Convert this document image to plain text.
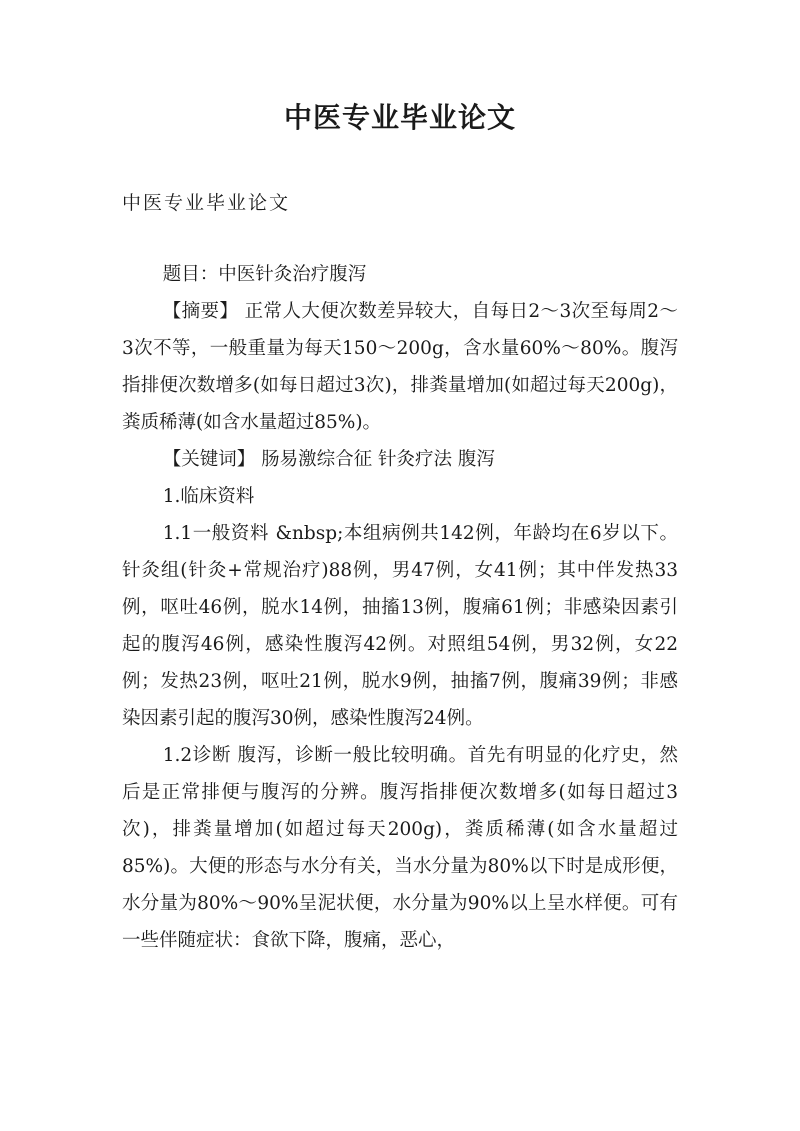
中医专业毕业论文
中医专业毕业论文

题目：中医针灸治疗腹泻

【摘要】 正常人大便次数差异较大，自每日2～3次至每周2～3次不等，一般重量为每天150～200g，含水量60%～80%。腹泻指排便次数增多(如每日超过3次)，排粪量增加(如超过每天200g)，粪质稀薄(如含水量超过85%)。

【关键词】 肠易激综合征 针灸疗法 腹泻

1.临床资料

1.1一般资料 &nbsp;本组病例共142例，年龄均在6岁以下。针灸组(针灸+常规治疗)88例，男47例，女41例；其中伴发热33例，呕吐46例，脱水14例，抽搐13例，腹痛61例；非感染因素引起的腹泻46例，感染性腹泻42例。对照组54例，男32例，女22例；发热23例，呕吐21例，脱水9例，抽搐7例，腹痛39例；非感染因素引起的腹泻30例，感染性腹泻24例。

1.2诊断 腹泻，诊断一般比较明确。首先有明显的化疗史，然后是正常排便与腹泻的分辨。腹泻指排便次数增多(如每日超过3次)，排粪量增加(如超过每天200g)，粪质稀薄(如含水量超过85%)。大便的形态与水分有关，当水分量为80%以下时是成形便，水分量为80%～90%呈泥状便，水分量为90%以上呈水样便。可有一些伴随症状：食欲下降，腹痛，恶心，
